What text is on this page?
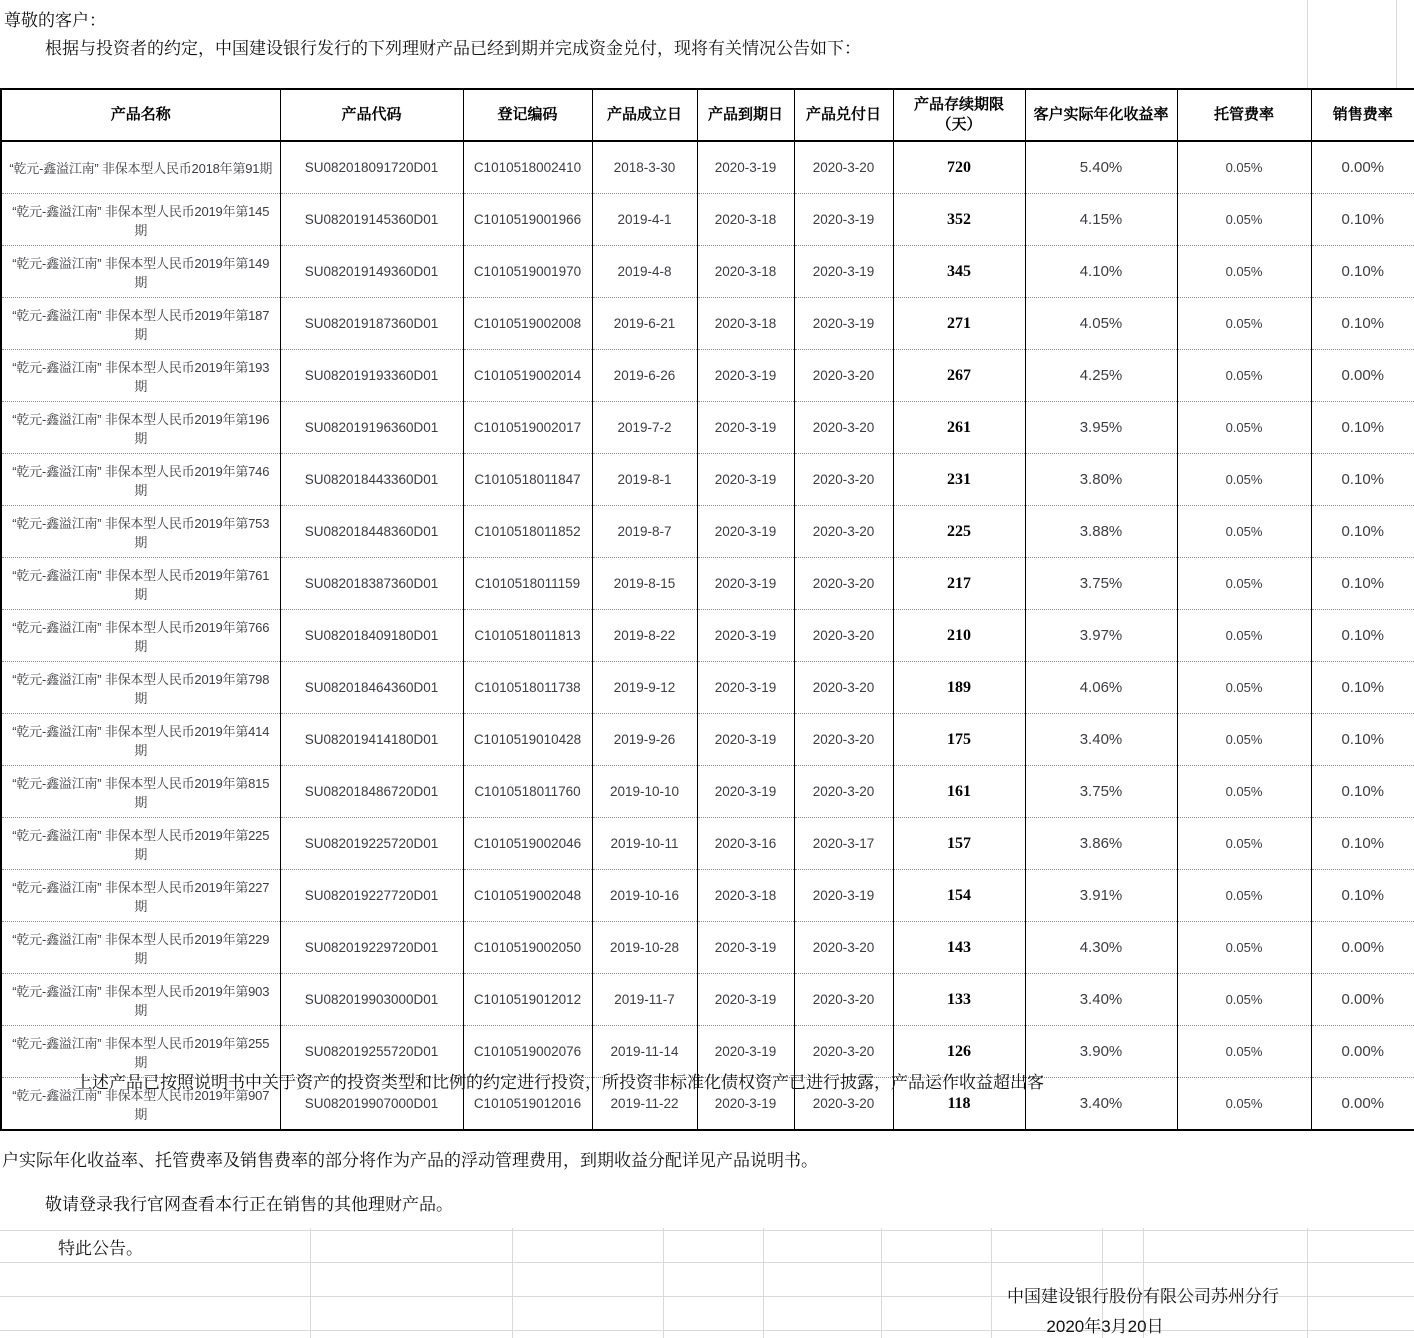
尊敬的客户：
根据与投资者的约定，中国建设银行发行的下列理财产品已经到期并完成资金兑付，现将有关情况公告如下：
产品名称	产品代码	登记编码	产品成立日	产品到期日	产品兑付日	产品存续期限（天）	客户实际年化收益率	托管费率	销售费率
“乾元-鑫溢江南” 非保本型人民币2018年第91期	SU082018091720D01	C1010518002410	2018-3-30	2020-3-19	2020-3-20	720	5.40%	0.05%	0.00%
“乾元-鑫溢江南” 非保本型人民币2019年第145期	SU082019145360D01	C1010519001966	2019-4-1	2020-3-18	2020-3-19	352	4.15%	0.05%	0.10%
“乾元-鑫溢江南” 非保本型人民币2019年第149期	SU082019149360D01	C1010519001970	2019-4-8	2020-3-18	2020-3-19	345	4.10%	0.05%	0.10%
“乾元-鑫溢江南” 非保本型人民币2019年第187期	SU082019187360D01	C1010519002008	2019-6-21	2020-3-18	2020-3-19	271	4.05%	0.05%	0.10%
“乾元-鑫溢江南” 非保本型人民币2019年第193期	SU082019193360D01	C1010519002014	2019-6-26	2020-3-19	2020-3-20	267	4.25%	0.05%	0.00%
“乾元-鑫溢江南” 非保本型人民币2019年第196期	SU082019196360D01	C1010519002017	2019-7-2	2020-3-19	2020-3-20	261	3.95%	0.05%	0.10%
“乾元-鑫溢江南” 非保本型人民币2019年第746期	SU082018443360D01	C1010518011847	2019-8-1	2020-3-19	2020-3-20	231	3.80%	0.05%	0.10%
“乾元-鑫溢江南” 非保本型人民币2019年第753期	SU082018448360D01	C1010518011852	2019-8-7	2020-3-19	2020-3-20	225	3.88%	0.05%	0.10%
“乾元-鑫溢江南” 非保本型人民币2019年第761期	SU082018387360D01	C1010518011159	2019-8-15	2020-3-19	2020-3-20	217	3.75%	0.05%	0.10%
“乾元-鑫溢江南” 非保本型人民币2019年第766期	SU082018409180D01	C1010518011813	2019-8-22	2020-3-19	2020-3-20	210	3.97%	0.05%	0.10%
“乾元-鑫溢江南” 非保本型人民币2019年第798期	SU082018464360D01	C1010518011738	2019-9-12	2020-3-19	2020-3-20	189	4.06%	0.05%	0.10%
“乾元-鑫溢江南” 非保本型人民币2019年第414期	SU082019414180D01	C1010519010428	2019-9-26	2020-3-19	2020-3-20	175	3.40%	0.05%	0.10%
“乾元-鑫溢江南” 非保本型人民币2019年第815期	SU082018486720D01	C1010518011760	2019-10-10	2020-3-19	2020-3-20	161	3.75%	0.05%	0.10%
“乾元-鑫溢江南” 非保本型人民币2019年第225期	SU082019225720D01	C1010519002046	2019-10-11	2020-3-16	2020-3-17	157	3.86%	0.05%	0.10%
“乾元-鑫溢江南” 非保本型人民币2019年第227期	SU082019227720D01	C1010519002048	2019-10-16	2020-3-18	2020-3-19	154	3.91%	0.05%	0.10%
“乾元-鑫溢江南” 非保本型人民币2019年第229期	SU082019229720D01	C1010519002050	2019-10-28	2020-3-19	2020-3-20	143	4.30%	0.05%	0.00%
“乾元-鑫溢江南” 非保本型人民币2019年第903期	SU082019903000D01	C1010519012012	2019-11-7	2020-3-19	2020-3-20	133	3.40%	0.05%	0.00%
“乾元-鑫溢江南” 非保本型人民币2019年第255期	SU082019255720D01	C1010519002076	2019-11-14	2020-3-19	2020-3-20	126	3.90%	0.05%	0.00%
“乾元-鑫溢江南” 非保本型人民币2019年第907期	SU082019907000D01	C1010519012016	2019-11-22	2020-3-19	2020-3-20	118	3.40%	0.05%	0.00%
上述产品已按照说明书中关于资产的投资类型和比例的约定进行投资，所投资非标准化债权资产已进行披露，产品运作收益超出客
户实际年化收益率、托管费率及销售费率的部分将作为产品的浮动管理费用，到期收益分配详见产品说明书。
敬请登录我行官网查看本行正在销售的其他理财产品。
特此公告。
中国建设银行股份有限公司苏州分行
2020年3月20日
